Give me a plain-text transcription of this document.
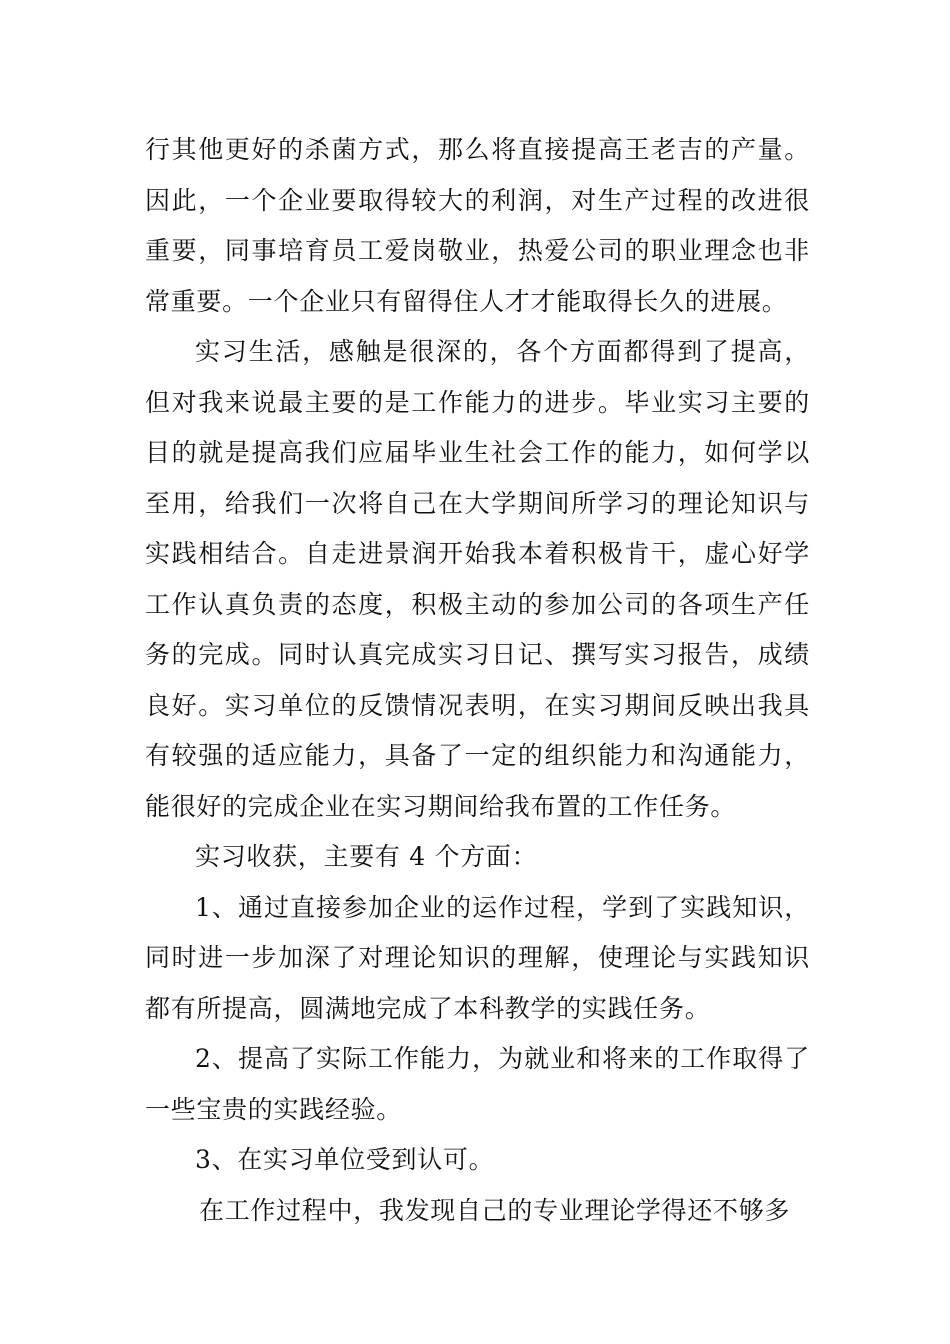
行其他更好的杀菌方式，那么将直接提高王老吉的产量。因此，一个企业要取得较大的利润，对生产过程的改进很重要，同事培育员工爱岗敬业，热爱公司的职业理念也非常重要。一个企业只有留得住人才才能取得长久的进展。

实习生活，感触是很深的，各个方面都得到了提高，但对我来说最主要的是工作能力的进步。毕业实习主要的目的就是提高我们应届毕业生社会工作的能力，如何学以至用，给我们一次将自己在大学期间所学习的理论知识与实践相结合。自走进景润开始我本着积极肯干，虚心好学工作认真负责的态度，积极主动的参加公司的各项生产任务的完成。同时认真完成实习日记、撰写实习报告，成绩良好。实习单位的反馈情况表明，在实习期间反映出我具有较强的适应能力，具备了一定的组织能力和沟通能力，能很好的完成企业在实习期间给我布置的工作任务。

实习收获，主要有 4 个方面：

1、通过直接参加企业的运作过程，学到了实践知识，同时进一步加深了对理论知识的理解，使理论与实践知识都有所提高，圆满地完成了本科教学的实践任务。

2、提高了实际工作能力，为就业和将来的工作取得了一些宝贵的实践经验。

3、在实习单位受到认可。

在工作过程中，我发现自己的专业理论学得还不够多
